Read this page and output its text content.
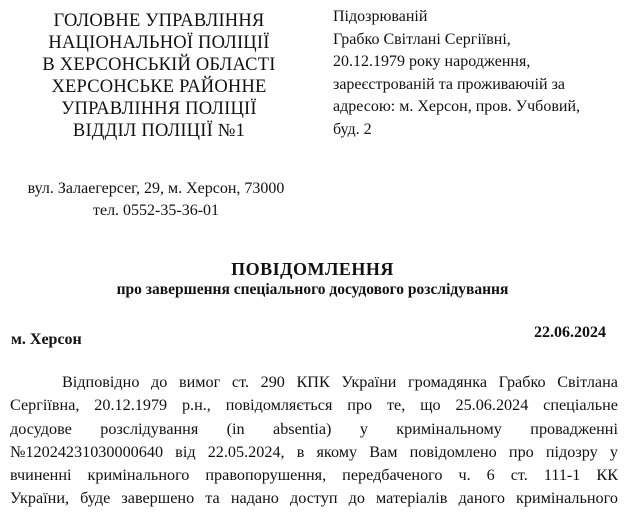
ГОЛОВНЕ УПРАВЛІННЯ
НАЦІОНАЛЬНОЇ ПОЛІЦІЇ
В ХЕРСОНСЬКІЙ ОБЛАСТІ
ХЕРСОНСЬКЕ РАЙОННЕ
УПРАВЛІННЯ ПОЛІЦІЇ
ВІДДІЛ ПОЛІЦІЇ №1
Підозрюваній
Грабко Світлані Сергіївні,
20.12.1979 року народження,
зареєстрованій та проживаючій за
адресою: м. Херсон, пров. Учбовий,
буд. 2
вул. Залаегерсег, 29, м. Херсон, 73000
тел. 0552-35-36-01
ПОВІДОМЛЕННЯ
про завершення спеціального досудового розслідування
м. Херсон	22.06.2024
Відповідно до вимог ст. 290 КПК України громадянка Грабко Світлана
Сергіївна, 20.12.1979 р.н., повідомляється про те, що 25.06.2024 спеціальне
досудове розслідування (in absentia) у кримінальному провадженні
№12024231030000640 від 22.05.2024, в якому Вам повідомлено про підозру у
вчиненні кримінального правопорушення, передбаченого ч. 6 ст. 111-1 КК
України, буде завершено та надано доступ до матеріалів даного кримінального
